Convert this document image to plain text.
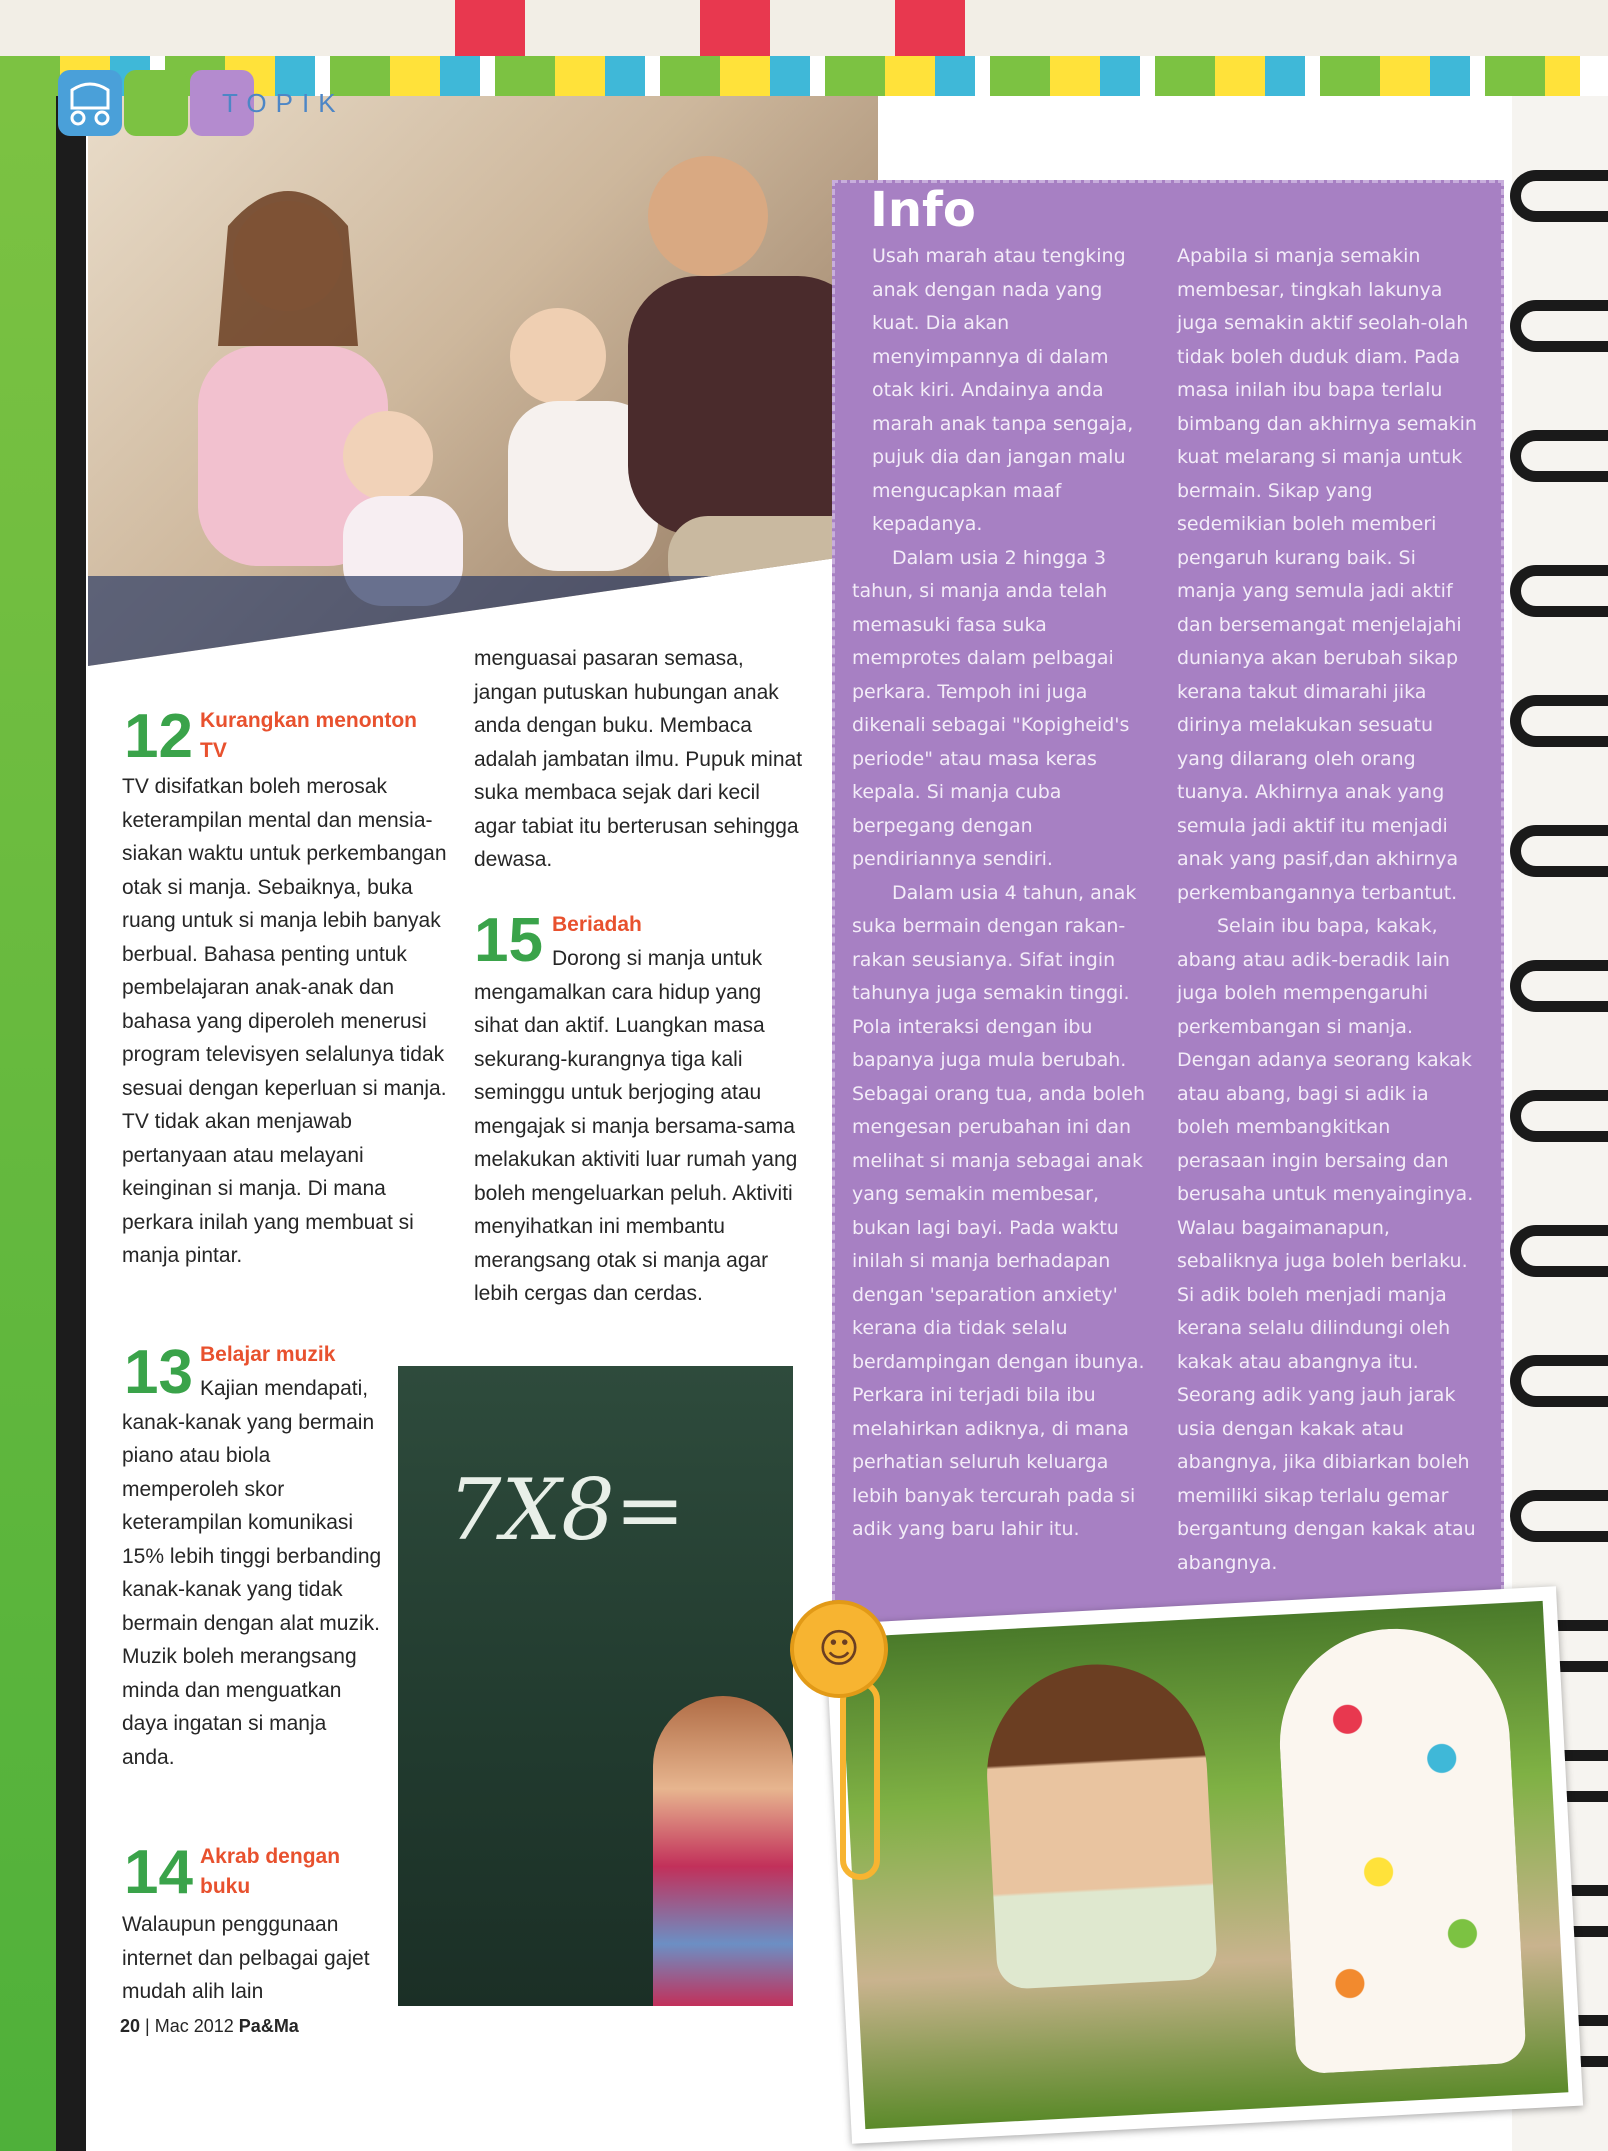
7X8=
Info

Usah marah atau tengking anak dengan nada yang kuat. Dia akan menyimpannya di dalam otak kiri. Andainya anda marah anak tanpa sengaja, pujuk dia dan jangan malu mengucapkan maaf kepadanya.

Dalam usia 2 hingga 3 tahun, si manja anda telah memasuki fasa suka memprotes dalam pelbagai perkara. Tempoh ini juga dikenali sebagai "Kopigheid's periode" atau masa keras kepala. Si manja cuba berpegang dengan pendiriannya sendiri.

Dalam usia 4 tahun, anak suka bermain dengan rakan-rakan seusianya. Sifat ingin tahunya juga semakin tinggi. Pola interaksi dengan ibu bapanya juga mula berubah. Sebagai orang tua, anda boleh mengesan perubahan ini dan melihat si manja sebagai anak yang semakin membesar, bukan lagi bayi. Pada waktu inilah si manja berhadapan dengan 'separation anxiety' kerana dia tidak selalu berdampingan dengan ibunya. Perkara ini terjadi bila ibu melahirkan adiknya, di mana perhatian seluruh keluarga lebih banyak tercurah pada si adik yang baru lahir itu.

Apabila si manja semakin membesar, tingkah lakunya juga semakin aktif seolah-olah tidak boleh duduk diam. Pada masa inilah ibu bapa terlalu bimbang dan akhirnya semakin kuat melarang si manja untuk bermain. Sikap yang sedemikian boleh memberi pengaruh kurang baik. Si manja yang semula jadi aktif dan bersemangat menjelajahi dunianya akan berubah sikap kerana takut dimarahi jika dirinya melakukan sesuatu yang dilarang oleh orang tuanya. Akhirnya anak yang semula jadi aktif itu menjadi anak yang pasif,dan akhirnya perkembangannya terbantut.

Selain ibu bapa, kakak, abang atau adik-beradik lain juga boleh mempengaruhi perkembangan si manja. Dengan adanya seorang kakak atau abang, bagi si adik ia boleh membangkitkan perasaan ingin bersaing dan berusaha untuk menyainginya. Walau bagaimanapun, sebaliknya juga boleh berlaku. Si adik boleh menjadi manja kerana selalu dilindungi oleh kakak atau abangnya itu. Seorang adik yang jauh jarak usia dengan kakak atau abangnya, jika dibiarkan boleh memiliki sikap terlalu gemar bergantung dengan kakak atau abangnya.

☺
TOPIK
12 Kurangkan menonton TV

TV disifatkan boleh merosak keterampilan mental dan mensia-siakan waktu untuk perkembangan otak si manja. Sebaiknya, buka ruang untuk si manja lebih banyak berbual. Bahasa penting untuk pembelajaran anak-anak dan bahasa yang diperoleh menerusi program televisyen selalunya tidak sesuai dengan keperluan si manja. TV tidak akan menjawab pertanyaan atau melayani keinginan si manja. Di mana perkara inilah yang membuat si manja pintar.

13 Belajar muzik

Kajian mendapati, kanak-kanak yang bermain piano atau biola memperoleh skor keterampilan komunikasi 15% lebih tinggi berbanding kanak-kanak yang tidak bermain dengan alat muzik. Muzik boleh merangsang minda dan menguatkan daya ingatan si manja anda.

14 Akrab dengan buku

Walaupun penggunaan internet dan pelbagai gajet mudah alih lain

menguasai pasaran semasa, jangan putuskan hubungan anak anda dengan buku. Membaca adalah jambatan ilmu. Pupuk minat suka membaca sejak dari kecil agar tabiat itu berterusan sehingga dewasa.

15 Beriadah

Dorong si manja untuk mengamalkan cara hidup yang sihat dan aktif. Luangkan masa sekurang-kurangnya tiga kali seminggu untuk berjoging atau mengajak si manja bersama-sama melakukan aktiviti luar rumah yang boleh mengeluarkan peluh. Aktiviti menyihatkan ini membantu merangsang otak si manja agar lebih cergas dan cerdas.

20 | Mac 2012 Pa&Ma
